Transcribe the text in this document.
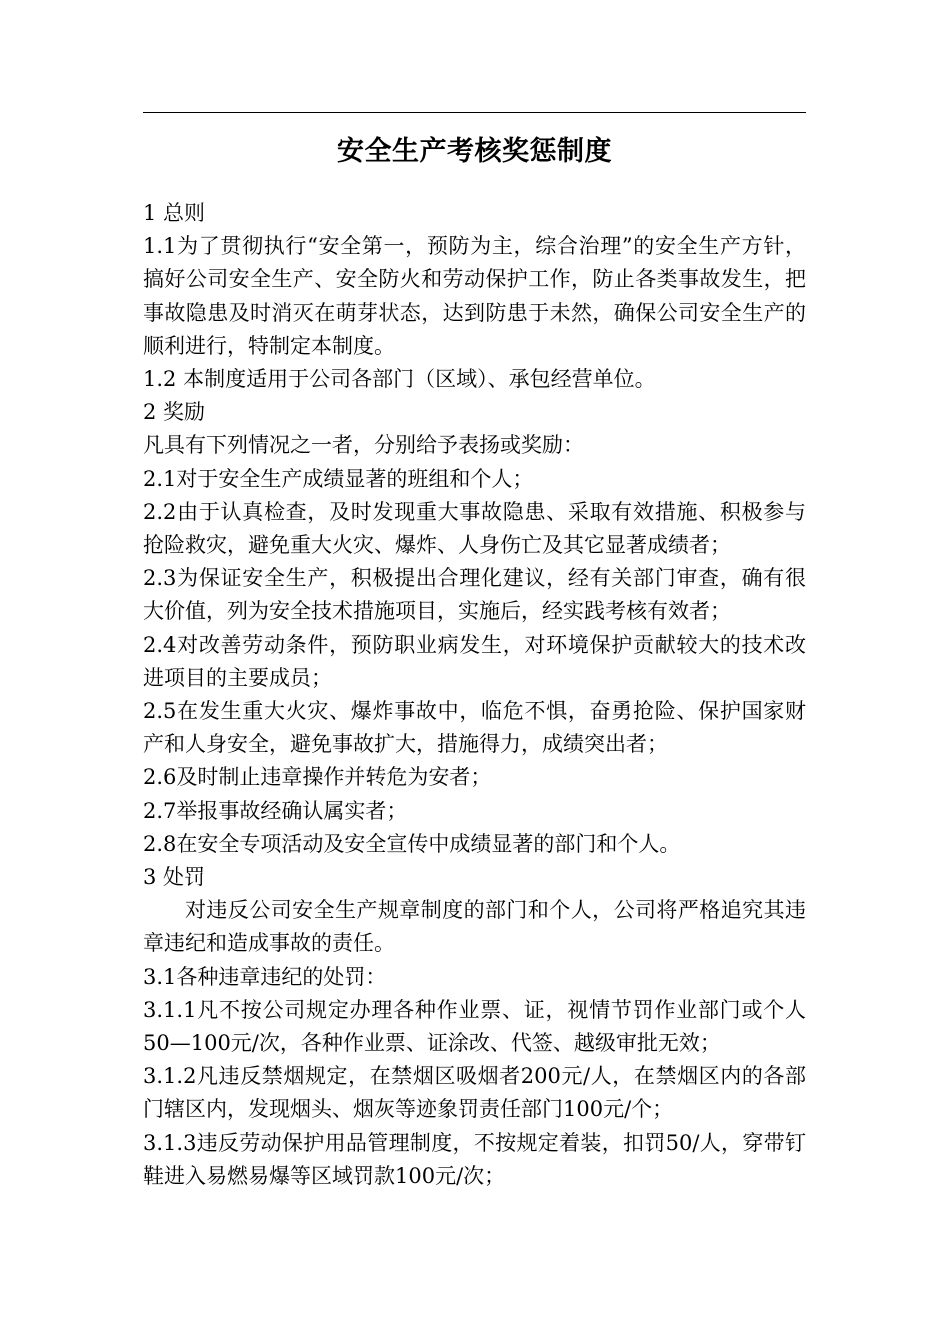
安全生产考核奖惩制度

1 总则

1.1为了贯彻执行“安全第一，预防为主，综合治理”的安全生产方针，搞好公司安全生产、安全防火和劳动保护工作，防止各类事故发生，把事故隐患及时消灭在萌芽状态，达到防患于未然，确保公司安全生产的顺利进行，特制定本制度。

1.2 本制度适用于公司各部门（区域）、承包经营单位。

2 奖励

凡具有下列情况之一者，分别给予表扬或奖励：

2.1对于安全生产成绩显著的班组和个人；

2.2由于认真检查，及时发现重大事故隐患、采取有效措施、积极参与抢险救灾，避免重大火灾、爆炸、人身伤亡及其它显著成绩者；

2.3为保证安全生产，积极提出合理化建议，经有关部门审查，确有很大价值，列为安全技术措施项目，实施后，经实践考核有效者；

2.4对改善劳动条件，预防职业病发生，对环境保护贡献较大的技术改进项目的主要成员；

2.5在发生重大火灾、爆炸事故中，临危不惧，奋勇抢险、保护国家财产和人身安全，避免事故扩大，措施得力，成绩突出者；

2.6及时制止违章操作并转危为安者；

2.7举报事故经确认属实者；

2.8在安全专项活动及安全宣传中成绩显著的部门和个人。

3 处罚

对违反公司安全生产规章制度的部门和个人，公司将严格追究其违章违纪和造成事故的责任。

3.1各种违章违纪的处罚：

3.1.1凡不按公司规定办理各种作业票、证，视情节罚作业部门或个人50—100元/次，各种作业票、证涂改、代签、越级审批无效；

3.1.2凡违反禁烟规定，在禁烟区吸烟者200元/人，在禁烟区内的各部门辖区内，发现烟头、烟灰等迹象罚责任部门100元/个；

3.1.3违反劳动保护用品管理制度，不按规定着装，扣罚50/人，穿带钉鞋进入易燃易爆等区域罚款100元/次；
